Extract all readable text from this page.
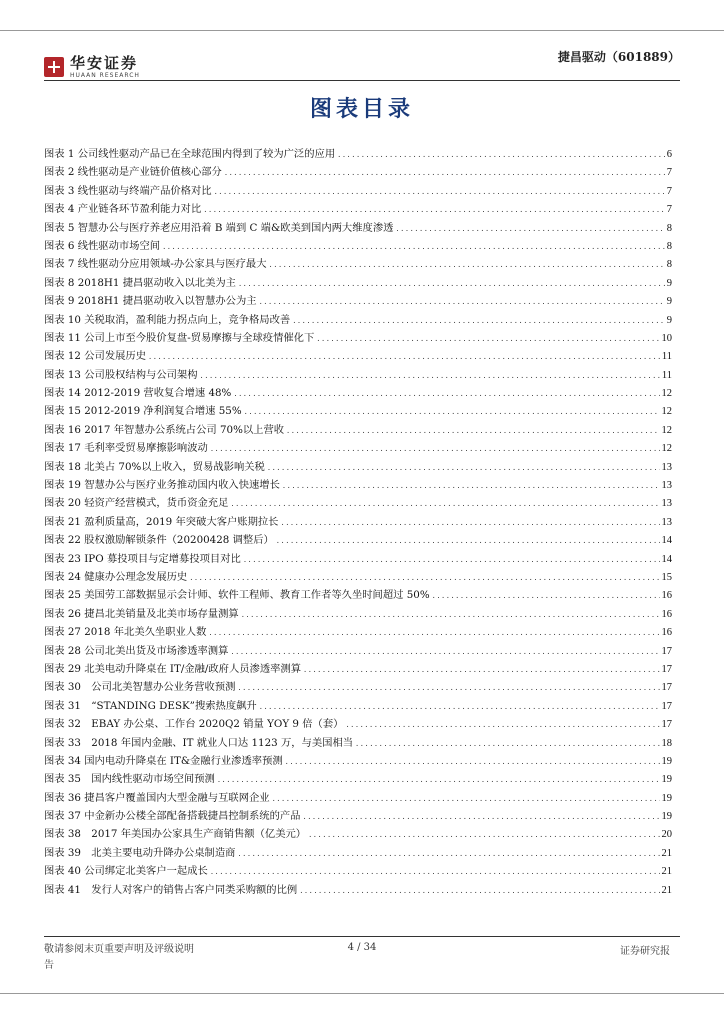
华安证券
HUAAN RESEARCH
捷昌驱动（601889）
图表目录
图表 1 公司线性驱动产品已在全球范围内得到了较为广泛的应用 .....	6
图表 2 线性驱动是产业链价值核心部分 .....	7
图表 3 线性驱动与终端产品价格对比 .....	7
图表 4 产业链各环节盈利能力对比 .....	7
图表 5 智慧办公与医疗养老应用沿着 B 端到 C 端&欧美到国内两大维度渗透 .....	8
图表 6 线性驱动市场空间 .....	8
图表 7 线性驱动分应用领域-办公家具与医疗最大 .....	8
图表 8 2018H1 捷昌驱动收入以北美为主 .....	9
图表 9 2018H1 捷昌驱动收入以智慧办公为主 .....	9
图表 10 关税取消，盈利能力拐点向上，竞争格局改善 .....	9
图表 11 公司上市至今股价复盘-贸易摩擦与全球疫情催化下 .....	10
图表 12 公司发展历史 .....	11
图表 13 公司股权结构与公司架构 .....	11
图表 14 2012-2019 营收复合增速 48% .....	12
图表 15 2012-2019 净利润复合增速 55% .....	12
图表 16 2017 年智慧办公系统占公司 70%以上营收 .....	12
图表 17 毛利率受贸易摩擦影响波动 .....	12
图表 18 北美占 70%以上收入，贸易战影响关税 .....	13
图表 19 智慧办公与医疗业务推动国内收入快速增长 .....	13
图表 20 轻资产经营模式，货币资金充足 .....	13
图表 21 盈利质量高，2019 年突破大客户账期拉长 .....	13
图表 22 股权激励解锁条件（20200428 调整后） .....	14
图表 23 IPO 募投项目与定增募投项目对比 .....	14
图表 24 健康办公理念发展历史 .....	15
图表 25 美国劳工部数据显示会计师、软件工程师、教育工作者等久坐时间超过 50% .....	16
图表 26 捷昌北美销量及北美市场存量测算 .....	16
图表 27 2018 年北美久坐职业人数 .....	16
图表 28 公司北美出货及市场渗透率测算 .....	17
图表 29 北美电动升降桌在 IT/金融/政府人员渗透率测算 .....	17
图表 30　公司北美智慧办公业务营收预测 .....	17
图表 31　“STANDING DESK”搜索热度飙升 .....	17
图表 32　EBAY 办公桌、工作台 2020Q2 销量 YOY 9 倍（套） .....	17
图表 33　2018 年国内金融、IT 就业人口达 1123 万，与美国相当 .....	18
图表 34 国内电动升降桌在 IT&金融行业渗透率预测 .....	19
图表 35　国内线性驱动市场空间预测 .....	19
图表 36 捷昌客户覆盖国内大型金融与互联网企业 .....	19
图表 37 中金新办公楼全部配备搭载捷昌控制系统的产品 .....	19
图表 38　2017 年美国办公家具生产商销售额（亿美元） .....	20
图表 39　北美主要电动升降办公桌制造商 .....	21
图表 40 公司绑定北美客户一起成长 .....	21
图表 41　发行人对客户的销售占客户同类采购额的比例 .....	21
敬请参阅末页重要声明及评级说明
告
4 / 34	证券研究报
